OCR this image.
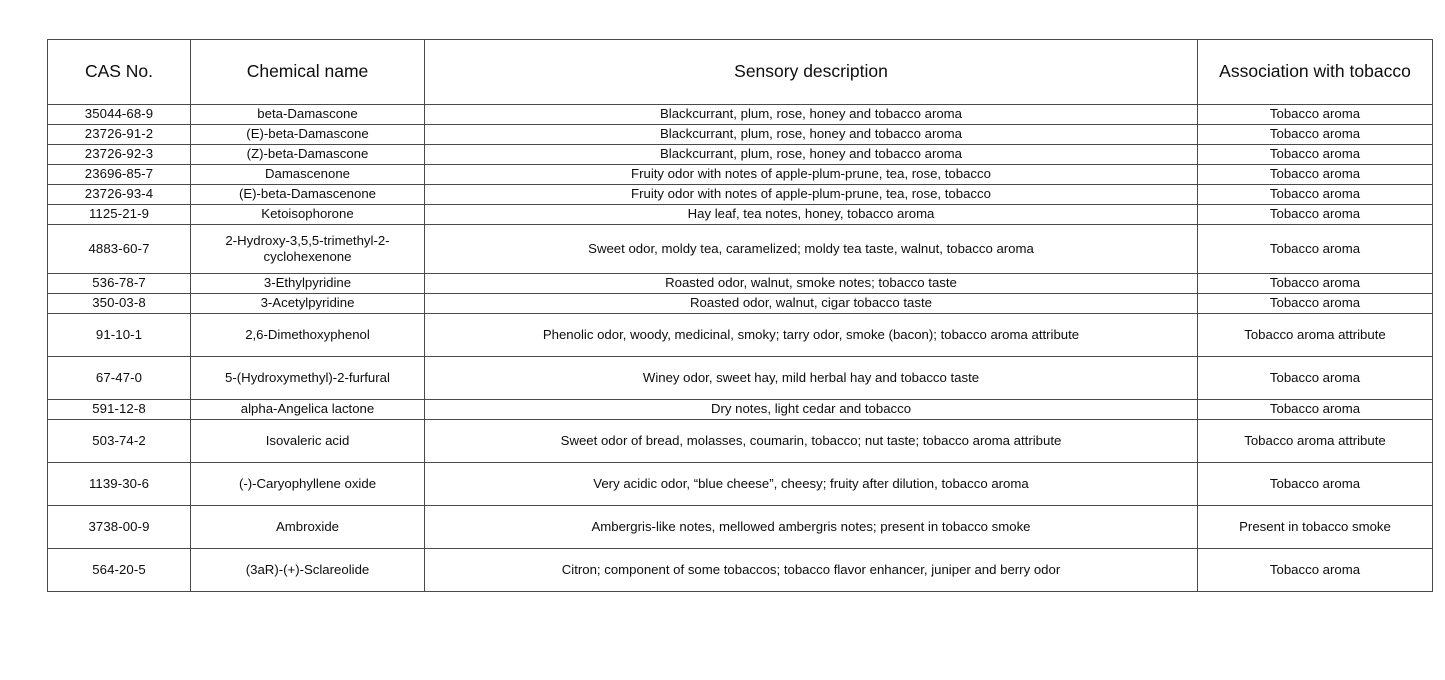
CAS No.	Chemical name	Sensory description	Association with tobacco
35044-68-9	beta-Damascone	Blackcurrant, plum, rose, honey and tobacco aroma	Tobacco aroma
23726-91-2	(E)-beta-Damascone	Blackcurrant, plum, rose, honey and tobacco aroma	Tobacco aroma
23726-92-3	(Z)-beta-Damascone	Blackcurrant, plum, rose, honey and tobacco aroma	Tobacco aroma
23696-85-7	Damascenone	Fruity odor with notes of apple-plum-prune, tea, rose, tobacco	Tobacco aroma
23726-93-4	(E)-beta-Damascenone	Fruity odor with notes of apple-plum-prune, tea, rose, tobacco	Tobacco aroma
1125-21-9	Ketoisophorone	Hay leaf, tea notes, honey, tobacco aroma	Tobacco aroma
4883-60-7	2-Hydroxy-3,5,5-trimethyl-2-cyclohexenone	Sweet odor, moldy tea, caramelized; moldy tea taste, walnut, tobacco aroma	Tobacco aroma
536-78-7	3-Ethylpyridine	Roasted odor, walnut, smoke notes; tobacco taste	Tobacco aroma
350-03-8	3-Acetylpyridine	Roasted odor, walnut, cigar tobacco taste	Tobacco aroma
91-10-1	2,6-Dimethoxyphenol	Phenolic odor, woody, medicinal, smoky; tarry odor, smoke (bacon); tobacco aroma attribute	Tobacco aroma attribute
67-47-0	5-(Hydroxymethyl)-2-furfural	Winey odor, sweet hay, mild herbal hay and tobacco taste	Tobacco aroma
591-12-8	alpha-Angelica lactone	Dry notes, light cedar and tobacco	Tobacco aroma
503-74-2	Isovaleric acid	Sweet odor of bread, molasses, coumarin, tobacco; nut taste; tobacco aroma attribute	Tobacco aroma attribute
1139-30-6	(-)-Caryophyllene oxide	Very acidic odor, “blue cheese”, cheesy; fruity after dilution, tobacco aroma	Tobacco aroma
3738-00-9	Ambroxide	Ambergris-like notes, mellowed ambergris notes; present in tobacco smoke	Present in tobacco smoke
564-20-5	(3aR)-(+)-Sclareolide	Citron; component of some tobaccos; tobacco flavor enhancer, juniper and berry odor	Tobacco aroma
